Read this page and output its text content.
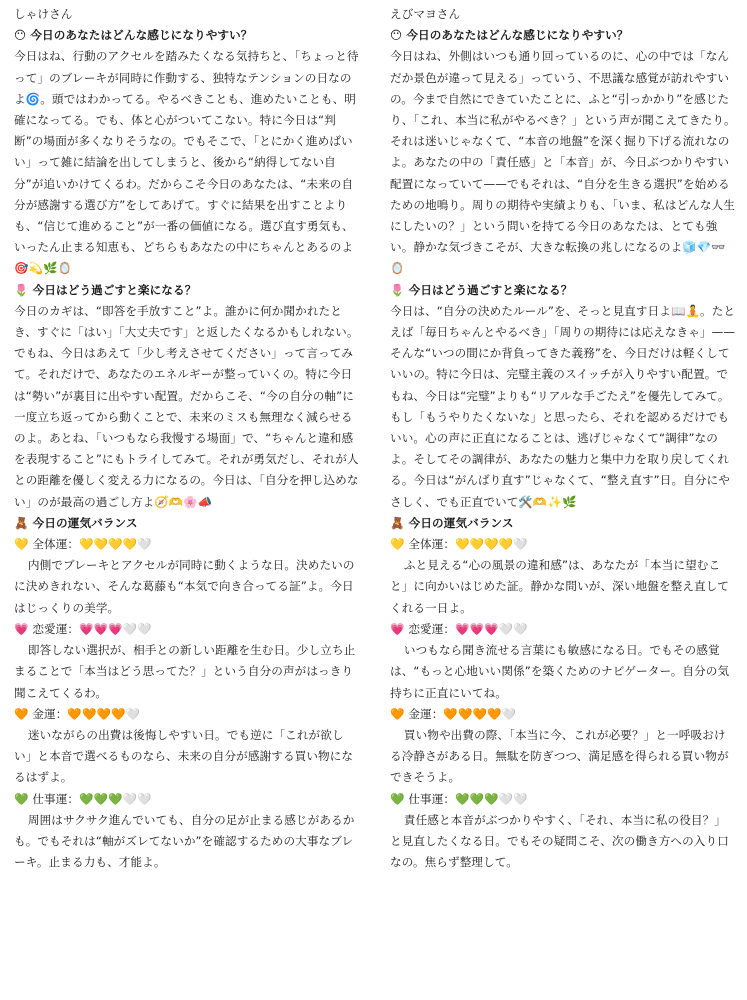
しゃけさん

😶 今日のあなたはどんな感じになりやすい？

今日はね、行動のアクセルを踏みたくなる気持ちと、「ちょっと待って」のブレーキが同時に作動する、独特なテンションの日なのよ🌀。頭ではわかってる。やるべきことも、進めたいことも、明確になってる。でも、体と心がついてこない。特に今日は“判断”の場面が多くなりそうなの。でもそこで、「とにかく進めばいい」って雑に結論を出してしまうと、後から“納得してない自分”が追いかけてくるわ。だからこそ今日のあなたは、“未来の自分が感謝する選び方”をしてあげて。すぐに結果を出すことよりも、“信じて進めること”が一番の価値になる。選び直す勇気も、いったん止まる知恵も、どちらもあなたの中にちゃんとあるのよ🎯💫🌿🪞

🌷 今日はどう過ごすと楽になる？

今日のカギは、“即答を手放すこと”よ。誰かに何か聞かれたとき、すぐに「はい」「大丈夫です」と返したくなるかもしれない。でもね、今日はあえて「少し考えさせてください」って言ってみて。それだけで、あなたのエネルギーが整っていくの。特に今日は“勢い”が裏目に出やすい配置。だからこそ、“今の自分の軸”に一度立ち返ってから動くことで、未来のミスも無理なく減らせるのよ。あとね、「いつもなら我慢する場面」で、“ちゃんと違和感を表現すること”にもトライしてみて。それが勇気だし、それが人との距離を優しく変える力になるの。今日は、「自分を押し込めない」のが最高の過ごし方よ🧭🫶🌸📣

🧸 今日の運気バランス

💛 全体運：💛💛💛💛🤍

内側でブレーキとアクセルが同時に動くような日。決めたいのに決めきれない、そんな葛藤も“本気で向き合ってる証”よ。今日はじっくりの美学。

💗 恋愛運：💗💗💗🤍🤍

即答しない選択が、相手との新しい距離を生む日。少し立ち止まることで「本当はどう思ってた？」という自分の声がはっきり聞こえてくるわ。

🧡 金運：🧡🧡🧡🧡🤍

迷いながらの出費は後悔しやすい日。でも逆に「これが欲しい」と本音で選べるものなら、未来の自分が感謝する買い物になるはずよ。

💚 仕事運：💚💚💚🤍🤍

周囲はサクサク進んでいても、自分の足が止まる感じがあるかも。でもそれは“軸がズレてないか”を確認するための大事なブレーキ。止まる力も、才能よ。

えびマヨさん

😶 今日のあなたはどんな感じになりやすい？

今日はね、外側はいつも通り回っているのに、心の中では「なんだか景色が違って見える」っていう、不思議な感覚が訪れやすいの。今まで自然にできていたことに、ふと“引っかかり”を感じたり、「これ、本当に私がやるべき？」という声が聞こえてきたり。それは迷いじゃなくて、“本音の地盤”を深く掘り下げる流れなのよ。あなたの中の「責任感」と「本音」が、今日ぶつかりやすい配置になっていて——でもそれは、“自分を生きる選択”を始めるための地鳴り。周りの期待や実績よりも、「いま、私はどんな人生にしたいの？」という問いを持てる今日のあなたは、とても強い。静かな気づきこそが、大きな転換の兆しになるのよ🧊💎👓🪞

🌷 今日はどう過ごすと楽になる？

今日は、“自分の決めたルール”を、そっと見直す日よ📖🧘。たとえば「毎日ちゃんとやるべき」「周りの期待には応えなきゃ」——そんな“いつの間にか背負ってきた義務”を、今日だけは軽くしていいの。特に今日は、完璧主義のスイッチが入りやすい配置。でもね、今日は“完璧”よりも“リアルな手ごたえ”を優先してみて。もし「もうやりたくないな」と思ったら、それを認めるだけでもいい。心の声に正直になることは、逃げじゃなくて“調律”なのよ。そしてその調律が、あなたの魅力と集中力を取り戻してくれる。今日は“がんばり直す”じゃなくて、“整え直す”日。自分にやさしく、でも正直でいて🛠️🫶✨🌿

🧸 今日の運気バランス

💛 全体運：💛💛💛💛🤍

ふと見える“心の風景の違和感”は、あなたが「本当に望むこと」に向かいはじめた証。静かな問いが、深い地盤を整え直してくれる一日よ。

💗 恋愛運：💗💗💗🤍🤍

いつもなら聞き流せる言葉にも敏感になる日。でもその感覚は、“もっと心地いい関係”を築くためのナビゲーター。自分の気持ちに正直にいてね。

🧡 金運：🧡🧡🧡🧡🤍

買い物や出費の際、「本当に今、これが必要？」と一呼吸おける冷静さがある日。無駄を防ぎつつ、満足感を得られる買い物ができそうよ。

💚 仕事運：💚💚💚🤍🤍

責任感と本音がぶつかりやすく、「それ、本当に私の役目？」と見直したくなる日。でもその疑問こそ、次の働き方への入り口なの。焦らず整理して。
